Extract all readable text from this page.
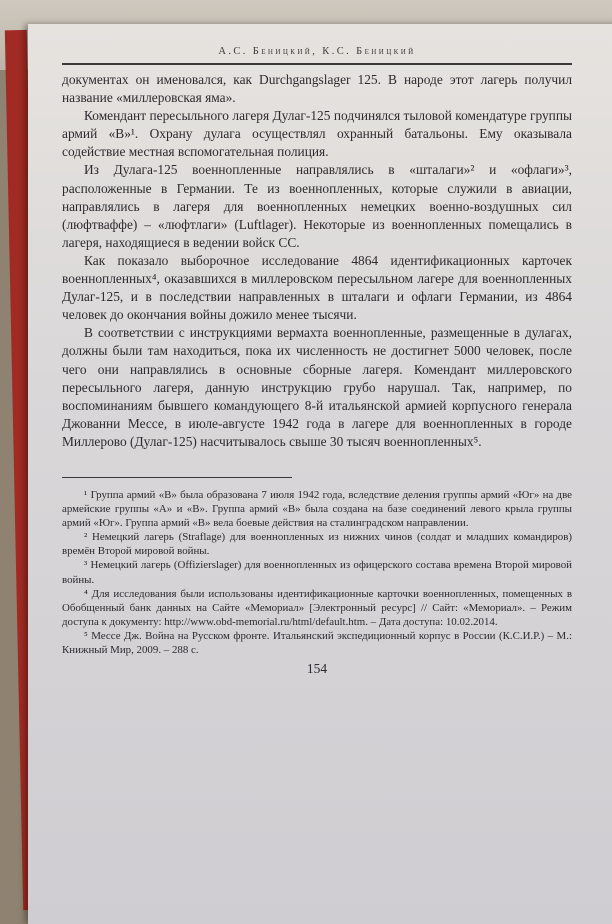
А.С. Беницкий, К.С. Беницкий

документах он именовался, как Durchgangslager 125. В народе этот лагерь получил название «миллеровская яма».

Комендант пересыльного лагеря Дулаг-125 подчинялся тыловой комендатуре группы армий «В»¹. Охрану дулага осуществлял охранный батальоны. Ему оказывала содействие местная вспомогательная полиция.

Из Дулага-125 военнопленные направлялись в «шталаги»² и «офлаги»³, расположенные в Германии. Те из военнопленных, которые служили в авиации, направлялись в лагеря для военнопленных немецких военно-воздушных сил (люфтваффе) – «люфтлаги» (Luftlager). Некоторые из военнопленных помещались в лагеря, находящиеся в ведении войск СС.

Как показало выборочное исследование 4864 идентификационных карточек военнопленных⁴, оказавшихся в миллеровском пересыльном лагере для военнопленных Дулаг-125, и в последствии направленных в шталаги и офлаги Германии, из 4864 человек до окончания войны дожило менее тысячи.

В соответствии с инструкциями вермахта военнопленные, размещенные в дулагах, должны были там находиться, пока их численность не достигнет 5000 человек, после чего они направлялись в основные сборные лагеря. Комендант миллеровского пересыльного лагеря, данную инструкцию грубо нарушал. Так, например, по воспоминаниям бывшего командующего 8-й итальянской армией корпусного генерала Джованни Мессе, в июле-августе 1942 года в лагере для военнопленных в городе Миллерово (Дулаг-125) насчитывалось свыше 30 тысяч военнопленных⁵.

¹ Группа армий «В» была образована 7 июля 1942 года, вследствие деления группы армий «Юг» на две армейские группы «А» и «В». Группа армий «В» была создана на базе соединений левого крыла группы армий «Юг». Группа армий «В» вела боевые действия на сталинградском направлении.

² Немецкий лагерь (Straflage) для военнопленных из нижних чинов (солдат и младших командиров) времён Второй мировой войны.

³ Немецкий лагерь (Offizierslager) для военнопленных из офицерского состава времена Второй мировой войны.

⁴ Для исследования были использованы идентификационные карточки военнопленных, помещенных в Обобщенный банк данных на Сайте «Мемориал» [Электронный ресурс] // Сайт: «Мемориал». – Режим доступа к документу: http://www.obd-memorial.ru/html/default.htm. – Дата доступа: 10.02.2014.

⁵ Мессе Дж. Война на Русском фронте. Итальянский экспедиционный корпус в России (К.С.И.Р.) – М.: Книжный Мир, 2009. – 288 с.

154
